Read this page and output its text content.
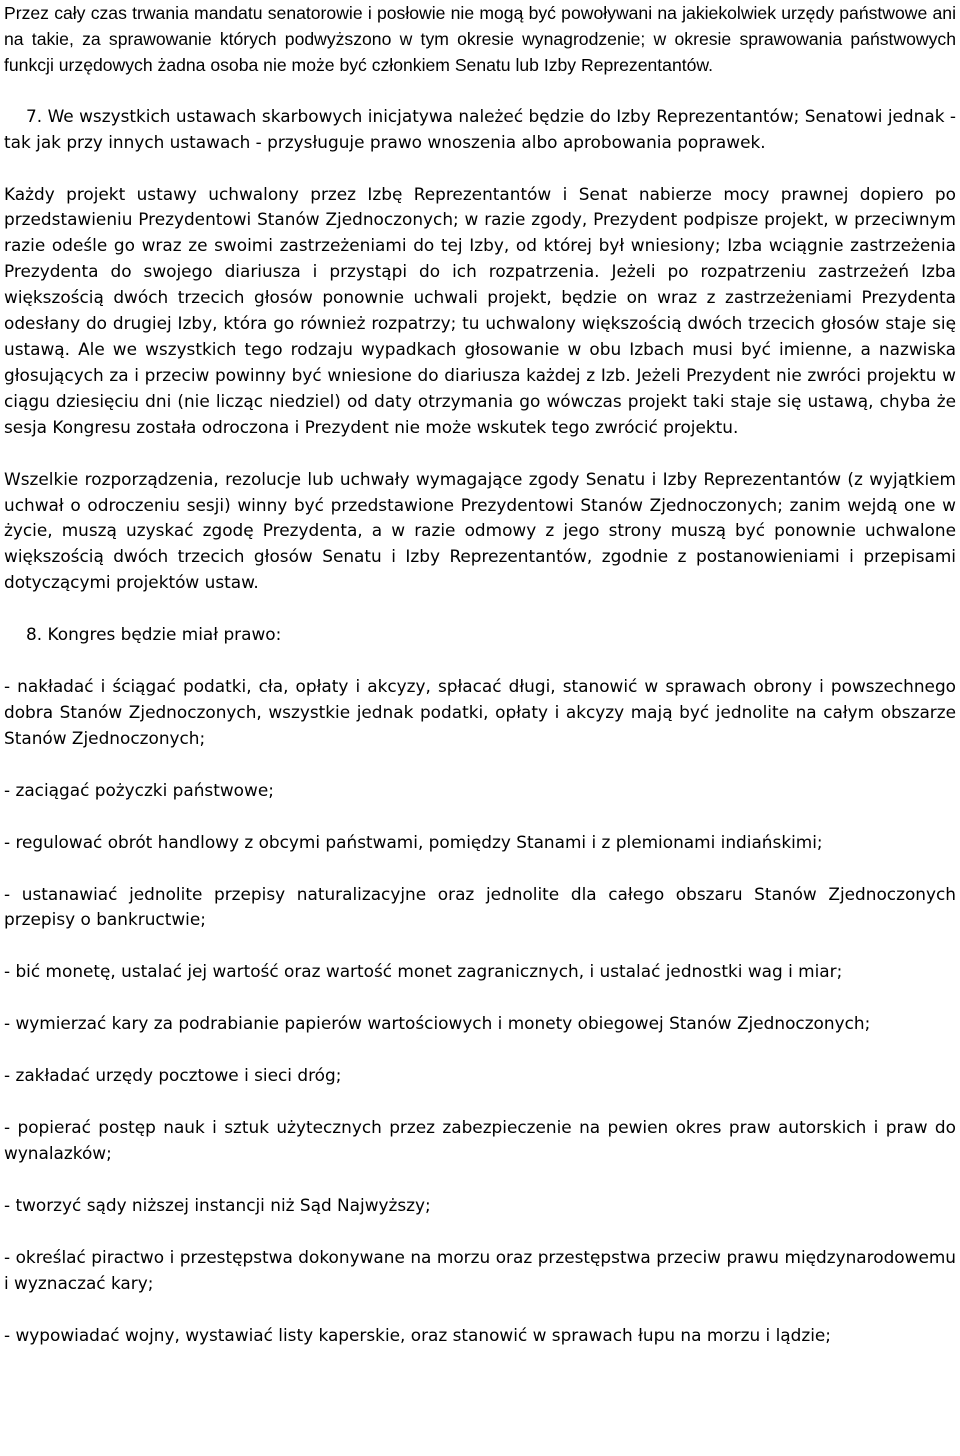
Przez cały czas trwania mandatu senatorowie i posłowie nie mogą być powoływani na jakiekolwiek urzędy państwowe ani na takie, za sprawowanie których podwyższono w tym okresie wynagrodzenie; w okresie sprawowania państwowych funkcji urzędowych żadna osoba nie może być członkiem Senatu lub Izby Reprezentantów.

7. We wszystkich ustawach skarbowych inicjatywa należeć będzie do Izby Reprezentantów; Senatowi jednak - tak jak przy innych ustawach - przysługuje prawo wnoszenia albo aprobowania poprawek.

Każdy projekt ustawy uchwalony przez Izbę Reprezentantów i Senat nabierze mocy prawnej dopiero po przedstawieniu Prezydentowi Stanów Zjednoczonych; w razie zgody, Prezydent podpisze projekt, w przeciwnym razie odeśle go wraz ze swoimi zastrzeżeniami do tej Izby, od której był wniesiony; Izba wciągnie zastrzeżenia Prezydenta do swojego diariusza i przystąpi do ich rozpatrzenia. Jeżeli po rozpatrzeniu zastrzeżeń Izba większością dwóch trzecich głosów ponownie uchwali projekt, będzie on wraz z zastrzeżeniami Prezydenta odesłany do drugiej Izby, która go również rozpatrzy; tu uchwalony większością dwóch trzecich głosów staje się ustawą. Ale we wszystkich tego rodzaju wypadkach głosowanie w obu Izbach musi być imienne, a nazwiska głosujących za i przeciw powinny być wniesione do diariusza każdej z Izb. Jeżeli Prezydent nie zwróci projektu w ciągu dziesięciu dni (nie licząc niedziel) od daty otrzymania go wówczas projekt taki staje się ustawą, chyba że sesja Kongresu została odroczona i Prezydent nie może wskutek tego zwrócić projektu.

Wszelkie rozporządzenia, rezolucje lub uchwały wymagające zgody Senatu i Izby Reprezentantów (z wyjątkiem uchwał o odroczeniu sesji) winny być przedstawione Prezydentowi Stanów Zjednoczonych; zanim wejdą one w życie, muszą uzyskać zgodę Prezydenta, a w razie odmowy z jego strony muszą być ponownie uchwalone większością dwóch trzecich głosów Senatu i Izby Reprezentantów, zgodnie z postanowieniami i przepisami dotyczącymi projektów ustaw.

8. Kongres będzie miał prawo:

- nakładać i ściągać podatki, cła, opłaty i akcyzy, spłacać długi, stanowić w sprawach obrony i powszechnego dobra Stanów Zjednoczonych, wszystkie jednak podatki, opłaty i akcyzy mają być jednolite na całym obszarze Stanów Zjednoczonych;

- zaciągać pożyczki państwowe;

- regulować obrót handlowy z obcymi państwami, pomiędzy Stanami i z plemionami indiańskimi;

- ustanawiać jednolite przepisy naturalizacyjne oraz jednolite dla całego obszaru Stanów Zjednoczonych przepisy o bankructwie;

- bić monetę, ustalać jej wartość oraz wartość monet zagranicznych, i ustalać jednostki wag i miar;

- wymierzać kary za podrabianie papierów wartościowych i monety obiegowej Stanów Zjednoczonych;

- zakładać urzędy pocztowe i sieci dróg;

- popierać postęp nauk i sztuk użytecznych przez zabezpieczenie na pewien okres praw autorskich i praw do wynalazków;

- tworzyć sądy niższej instancji niż Sąd Najwyższy;

- określać piractwo i przestępstwa dokonywane na morzu oraz przestępstwa przeciw prawu międzynarodowemu i wyznaczać kary;

- wypowiadać wojny, wystawiać listy kaperskie, oraz stanowić w sprawach łupu na morzu i lądzie;
